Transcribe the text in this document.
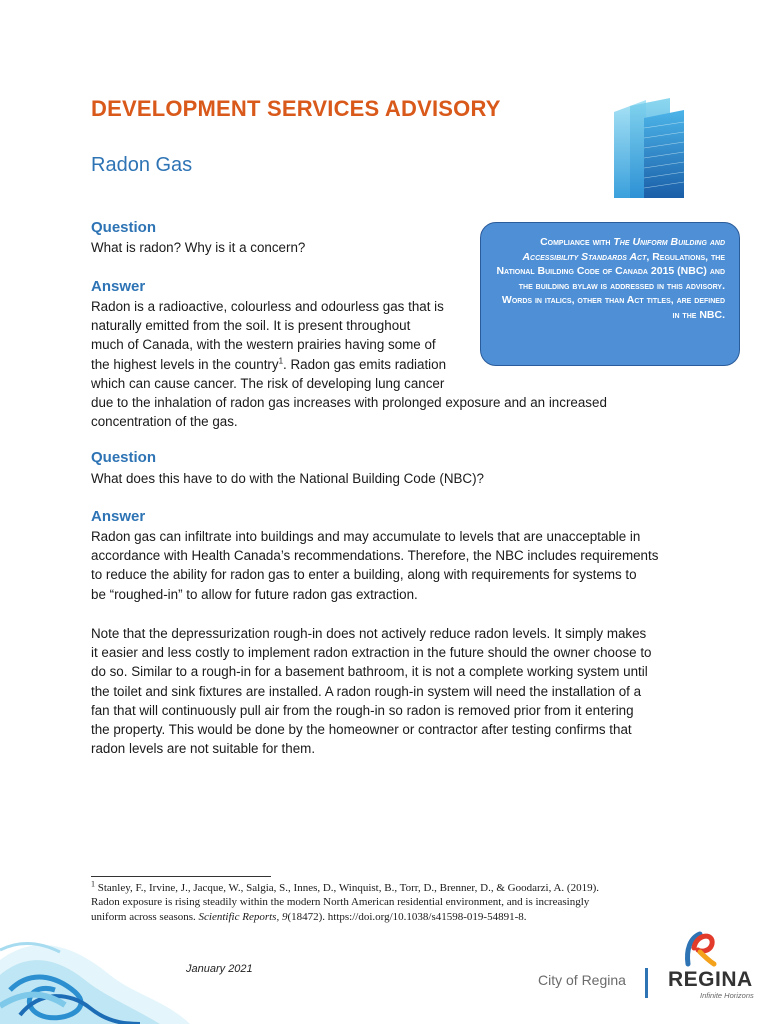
DEVELOPMENT SERVICES ADVISORY
Radon Gas
Compliance with The Uniform Building and Accessibility Standards Act, Regulations, the National Building Code of Canada 2015 (NBC) and the building bylaw is addressed in this advisory. Words in italics, other than Act titles, are defined in the NBC.
Question
What is radon? Why is it a concern?
Answer
Radon is a radioactive, colourless and odourless gas that is
naturally emitted from the soil. It is present throughout
much of Canada, with the western prairies having some of
the highest levels in the country$^1$. Radon gas emits radiation
which can cause cancer. The risk of developing lung cancer
due to the inhalation of radon gas increases with prolonged exposure and an increased
concentration of the gas.
Question
What does this have to do with the National Building Code (NBC)?
Answer
Radon gas can infiltrate into buildings and may accumulate to levels that are unacceptable in
accordance with Health Canada’s recommendations. Therefore, the NBC includes requirements
to reduce the ability for radon gas to enter a building, along with requirements for systems to
be “roughed-in” to allow for future radon gas extraction.
Note that the depressurization rough-in does not actively reduce radon levels. It simply makes
it easier and less costly to implement radon extraction in the future should the owner choose to
do so. Similar to a rough-in for a basement bathroom, it is not a complete working system until
the toilet and sink fixtures are installed. A radon rough-in system will need the installation of a
fan that will continuously pull air from the rough-in so radon is removed prior from it entering
the property. This would be done by the homeowner or contractor after testing confirms that
radon levels are not suitable for them.
$^1$ Stanley, F., Irvine, J., Jacque, W., Salgia, S., Innes, D., Winquist, B., Torr, D., Brenner, D., & Goodarzi, A. (2019).
Radon exposure is rising steadily within the modern North American residential environment, and is increasingly
uniform across seasons. Scientific Reports, 9(18472). https://doi.org/10.1038/s41598-019-54891-8.
January 2021
City of Regina REGINA
Infinite Horizons
